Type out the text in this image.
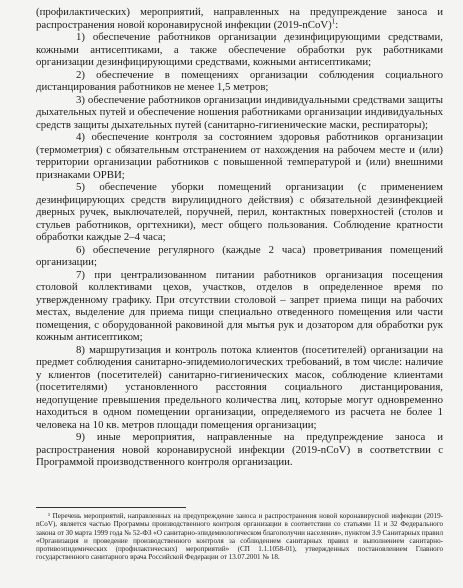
(профилактических) мероприятий, направленных на предупреждение заноса и распространения новой коронавирусной инфекции (2019-nCoV)$^1$:

1) обеспечение работников организации дезинфицирующими средствами, кожными антисептиками, а также обеспечение обработки рук работниками организации дезинфицирующими средствами, кожными антисептиками;

2) обеспечение в помещениях организации соблюдения социального дистанцирования работников не менее 1,5 метров;

3) обеспечение работников организации индивидуальными средствами защиты дыхательных путей и обеспечение ношения работниками организации индивидуальных средств защиты дыхательных путей (санитарно-гигиенические маски, респираторы);

4) обеспечение контроля за состоянием здоровья работников организации (термометрия) с обязательным отстранением от нахождения на рабочем месте и (или) территории организации работников с повышенной температурой и (или) внешними признаками ОРВИ;

5) обеспечение уборки помещений организации (с применением дезинфицирующих средств вирулицидного действия) с обязательной дезинфекцией дверных ручек, выключателей, поручней, перил, контактных поверхностей (столов и стульев работников, оргтехники), мест общего пользования. Соблюдение кратности обработки каждые 2–4 часа;

6) обеспечение регулярного (каждые 2 часа) проветривания помещений организации;

7) при централизованном питании работников организация посещения столовой коллективами цехов, участков, отделов в определенное время по утвержденному графику. При отсутствии столовой – запрет приема пищи на рабочих местах, выделение для приема пищи специально отведенного помещения или части помещения, с оборудованной раковиной для мытья рук и дозатором для обработки рук кожным антисептиком;

8) маршрутизация и контроль потока клиентов (посетителей) организации на предмет соблюдения санитарно-эпидемиологических требований, в том числе: наличие у клиентов (посетителей) санитарно-гигиенических масок, соблюдение клиентами (посетителями) установленного расстояния социального дистанцирования, недопущение превышения предельного количества лиц, которые могут одновременно находиться в одном помещении организации, определяемого из расчета не более 1 человека на 10 кв. метров площади помещения организации;

9) иные мероприятия, направленные на предупреждение заноса и распространения новой коронавирусной инфекции (2019-nCoV) в соответствии с Программой производственного контроля организации.

¹ Перечень мероприятий, направленных на предупреждение заноса и распространения новой коронавирусной инфекции (2019-nCoV), является частью Программы производственного контроля организации в соответствии со статьями 11 и 32 Федерального закона от 30 марта 1999 года № 52-ФЗ «О санитарно-эпидемиологическом благополучии населения», пунктом 3.9 Санитарных правил «Организация и проведение производственного контроля за соблюдением санитарных правил и выполнением санитарно-противоэпидемических (профилактических) мероприятий» (СП 1.1.1058-01), утвержденных постановлением Главного государственного санитарного врача Российской Федерации от 13.07.2001 № 18.
